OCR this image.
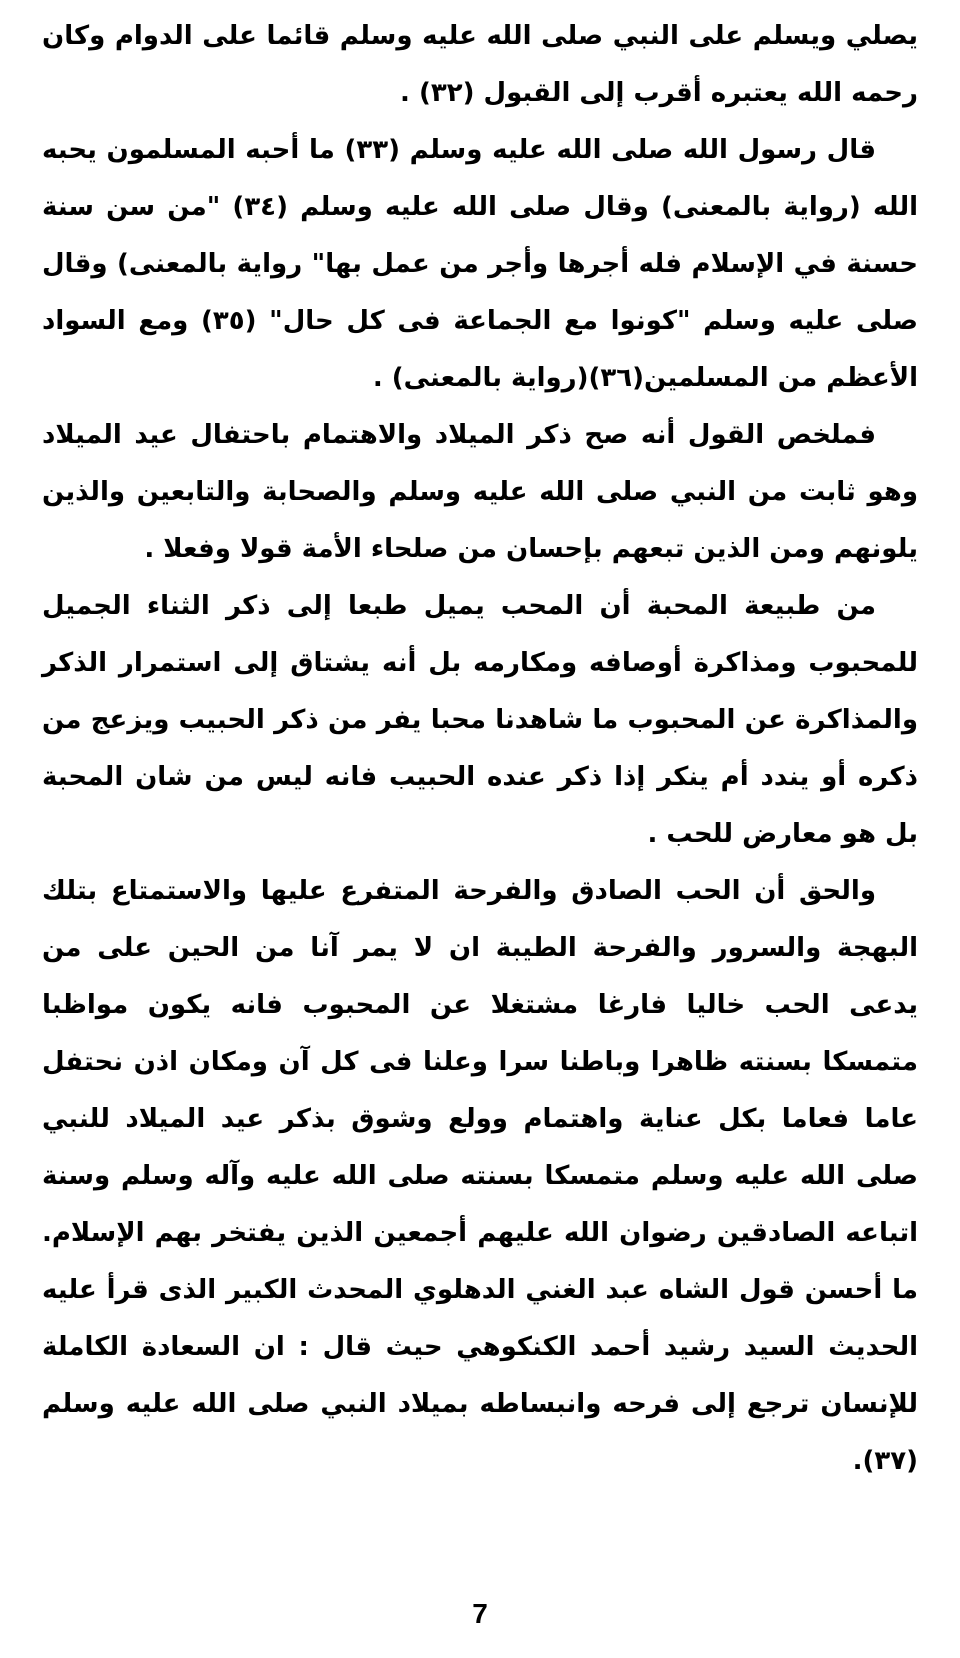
يصلي ويسلم على النبي صلى الله عليه وسلم قائما على الدوام وكان رحمه الله يعتبره أقرب إلى القبول (٣٢) .

قال رسول الله صلى الله عليه وسلم (٣٣) ما أحبه المسلمون يحبه الله (رواية بالمعنى) وقال صلى الله عليه وسلم (٣٤) "من سن سنة حسنة في الإسلام فله أجرها وأجر من عمل بها" رواية بالمعنى) وقال صلى عليه وسلم "كونوا مع الجماعة فى كل حال" (٣٥) ومع السواد الأعظم من المسلمين(٣٦)(رواية بالمعنى) .

فملخص القول أنه صح ذكر الميلاد والاهتمام باحتفال عيد الميلاد وهو ثابت من النبي صلى الله عليه وسلم والصحابة والتابعين والذين يلونهم ومن الذين تبعهم بإحسان من صلحاء الأمة قولا وفعلا .

من طبيعة المحبة أن المحب يميل طبعا إلى ذكر الثناء الجميل للمحبوب ومذاكرة أوصافه ومكارمه بل أنه يشتاق إلى استمرار الذكر والمذاكرة عن المحبوب ما شاهدنا محبا يفر من ذكر الحبيب ويزعج من ذكره أو يندد أم ينكر إذا ذكر عنده الحبيب فانه ليس من شان المحبة بل هو معارض للحب .

والحق أن الحب الصادق والفرحة المتفرع عليها والاستمتاع بتلك البهجة والسرور والفرحة الطيبة ان لا يمر آنا من الحين على من يدعى الحب خاليا فارغا مشتغلا عن المحبوب فانه يكون مواظبا متمسكا بسنته ظاهرا وباطنا سرا وعلنا فى كل آن ومكان اذن نحتفل عاما فعاما بكل عناية واهتمام وولع وشوق بذكر عيد الميلاد للنبي صلى الله عليه وسلم متمسكا بسنته صلى الله عليه وآله وسلم وسنة اتباعه الصادقين رضوان الله عليهم أجمعين الذين يفتخر بهم الإسلام. ما أحسن قول الشاه عبد الغني الدهلوي المحدث الكبير الذى قرأ عليه الحديث السيد رشيد أحمد الكنكوهي حيث قال : ان السعادة الكاملة للإنسان ترجع إلى فرحه وانبساطه بميلاد النبي صلى الله عليه وسلم (٣٧).

7
